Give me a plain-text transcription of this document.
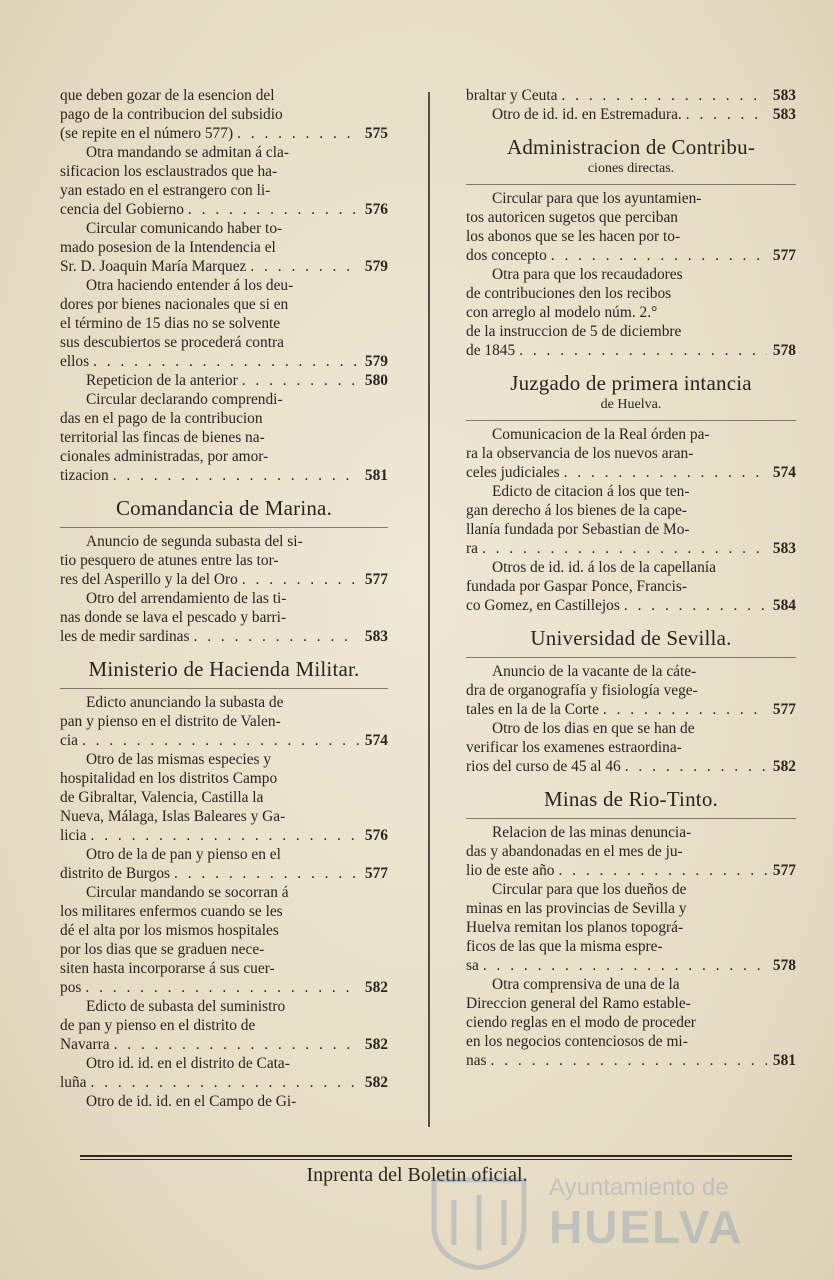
que deben gozar de la esencion del
pago de la contribucion del subsidio
(se repite en el número 577) . . .	575
Otra mandando se admitan á cla-
sificacion los esclaustrados que ha-
yan estado en el estrangero con li-
cencia del Gobierno . . .	576
Circular comunicando haber to-
mado posesion de la Intendencia el
Sr. D. Joaquin María Marquez . . .	579
Otra haciendo entender á los deu-
dores por bienes nacionales que si en
el término de 15 dias no se solvente
sus descubiertos se procederá contra
ellos . . .	579
Repeticion de la anterior . . .	580
Circular declarando comprendi-
das en el pago de la contribucion
territorial las fincas de bienes na-
cionales administradas, por amor-
tizacion . . .	581
Comandancia de Marina.
Anuncio de segunda subasta del si-
tio pesquero de atunes entre las tor-
res del Asperillo y la del Oro . . .	577
Otro del arrendamiento de las ti-
nas donde se lava el pescado y barri-
les de medir sardinas . . .	583
Ministerio de Hacienda Militar.
Edicto anunciando la subasta de
pan y pienso en el distrito de Valen-
cia . . .	574
Otro de las mismas especies y
hospitalidad en los distritos Campo
de Gibraltar, Valencia, Castilla la
Nueva, Málaga, Islas Baleares y Ga-
licia . . .	576
Otro de la de pan y pienso en el
distrito de Burgos . . .	577
Circular mandando se socorran á
los militares enfermos cuando se les
dé el alta por los mismos hospitales
por los dias que se graduen nece-
siten hasta incorporarse á sus cuer-
pos . . .	582
Edicto de subasta del suministro
de pan y pienso en el distrito de
Navarra . . .	582
Otro id. id. en el distrito de Cata-
luña . . .	582
Otro de id. id. en el Campo de Gi-
braltar y Ceuta . . .	583
Otro de id. id. en Estremadura. . . .	583
Administracion de Contribu-
ciones directas.
Circular para que los ayuntamien-
tos autoricen sugetos que perciban
los abonos que se les hacen por to-
dos concepto . . .	577
Otra para que los recaudadores
de contribuciones den los recibos
con arreglo al modelo núm. 2.°
de la instruccion de 5 de diciembre
de 1845 . . .	578
Juzgado de primera intancia
de Huelva.
Comunicacion de la Real órden pa-
ra la observancia de los nuevos aran-
celes judiciales . . .	574
Edicto de citacion á los que ten-
gan derecho á los bienes de la cape-
llanía fundada por Sebastian de Mo-
ra . . .	583
Otros de id. id. á los de la capellanía
fundada por Gaspar Ponce, Francis-
co Gomez, en Castillejos . . .	584
Universidad de Sevilla.
Anuncio de la vacante de la cáte-
dra de organografía y fisiología vege-
tales en la de la Corte . . .	577
Otro de los dias en que se han de
verificar los examenes estraordina-
rios del curso de 45 al 46 . . .	582
Minas de Rio-Tinto.
Relacion de las minas denuncia-
das y abandonadas en el mes de ju-
lio de este año . . .	577
Circular para que los dueños de
minas en las provincias de Sevilla y
Huelva remitan los planos topográ-
ficos de las que la misma espre-
sa . . .	578
Otra comprensiva de una de la
Direccion general del Ramo estable-
ciendo reglas en el modo de proceder
en los negocios contenciosos de mi-
nas . . .	581
Inprenta del Boletin oficial. Ayuntamiento de
HUELVA
